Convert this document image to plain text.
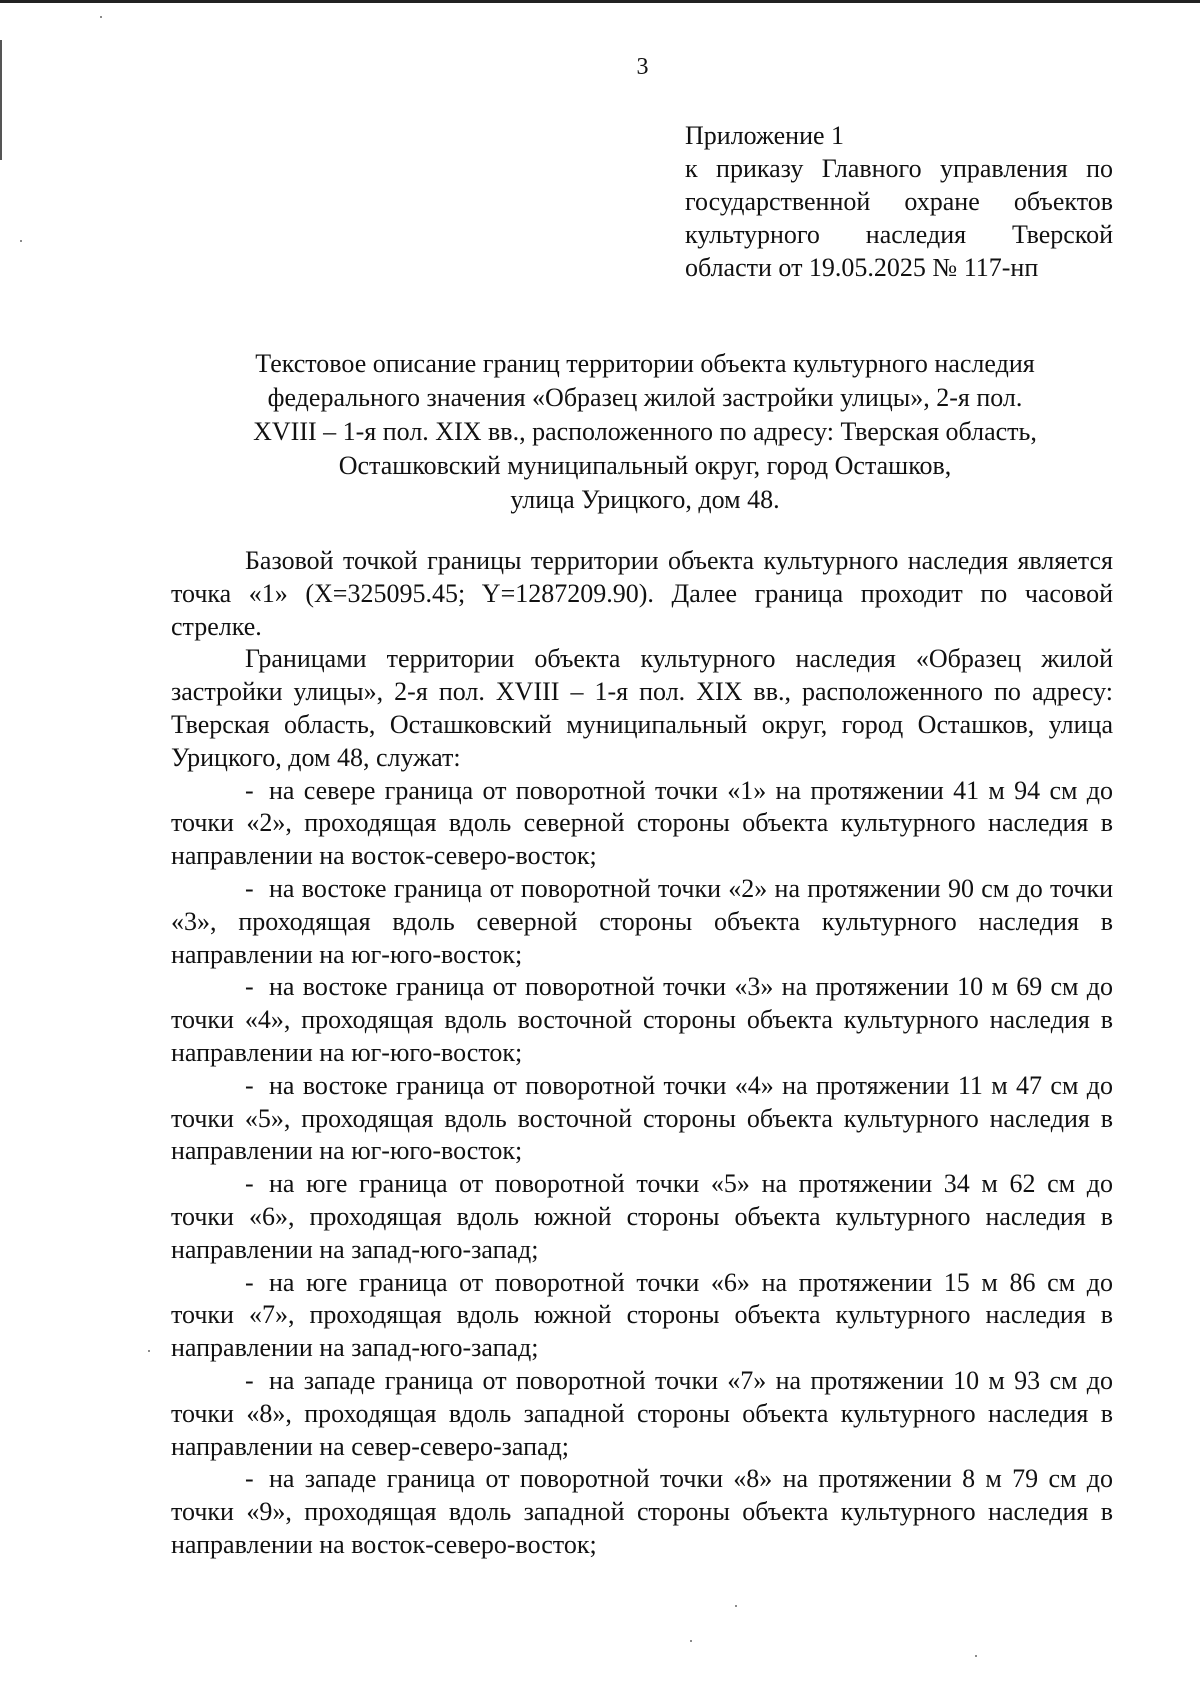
3
Приложение 1
к приказу Главного управления по государственной охране объектов культурного наследия Тверской области от 19.05.2025 № 117-нп
Текстовое описание границ территории объекта культурного наследия
федерального значения «Образец жилой застройки улицы», 2-я пол.
XVIII – 1-я пол. XIX вв., расположенного по адресу: Тверская область,
Осташковский муниципальный округ, город Осташков,
улица Урицкого, дом 48.

Базовой точкой границы территории объекта культурного наследия является точка «1» (X=325095.45; Y=1287209.90). Далее граница проходит по часовой стрелке.

Границами территории объекта культурного наследия «Образец жилой застройки улицы», 2-я пол. XVIII – 1-я пол. XIX вв., расположенного по адресу: Тверская область, Осташковский муниципальный округ, город Осташков, улица Урицкого, дом 48, служат:

- на севере граница от поворотной точки «1» на протяжении 41 м 94 см до точки «2», проходящая вдоль северной стороны объекта культурного наследия в направлении на восток-северо-восток;

- на востоке граница от поворотной точки «2» на протяжении 90 см до точки «3», проходящая вдоль северной стороны объекта культурного наследия в направлении на юг-юго-восток;

- на востоке граница от поворотной точки «3» на протяжении 10 м 69 см до точки «4», проходящая вдоль восточной стороны объекта культурного наследия в направлении на юг-юго-восток;

- на востоке граница от поворотной точки «4» на протяжении 11 м 47 см до точки «5», проходящая вдоль восточной стороны объекта культурного наследия в направлении на юг-юго-восток;

- на юге граница от поворотной точки «5» на протяжении 34 м 62 см до точки «6», проходящая вдоль южной стороны объекта культурного наследия в направлении на запад-юго-запад;

- на юге граница от поворотной точки «6» на протяжении 15 м 86 см до точки «7», проходящая вдоль южной стороны объекта культурного наследия в направлении на запад-юго-запад;

- на западе граница от поворотной точки «7» на протяжении 10 м 93 см до точки «8», проходящая вдоль западной стороны объекта культурного наследия в направлении на север-северо-запад;

- на западе граница от поворотной точки «8» на протяжении 8 м 79 см до точки «9», проходящая вдоль западной стороны объекта культурного наследия в направлении на восток-северо-восток;
